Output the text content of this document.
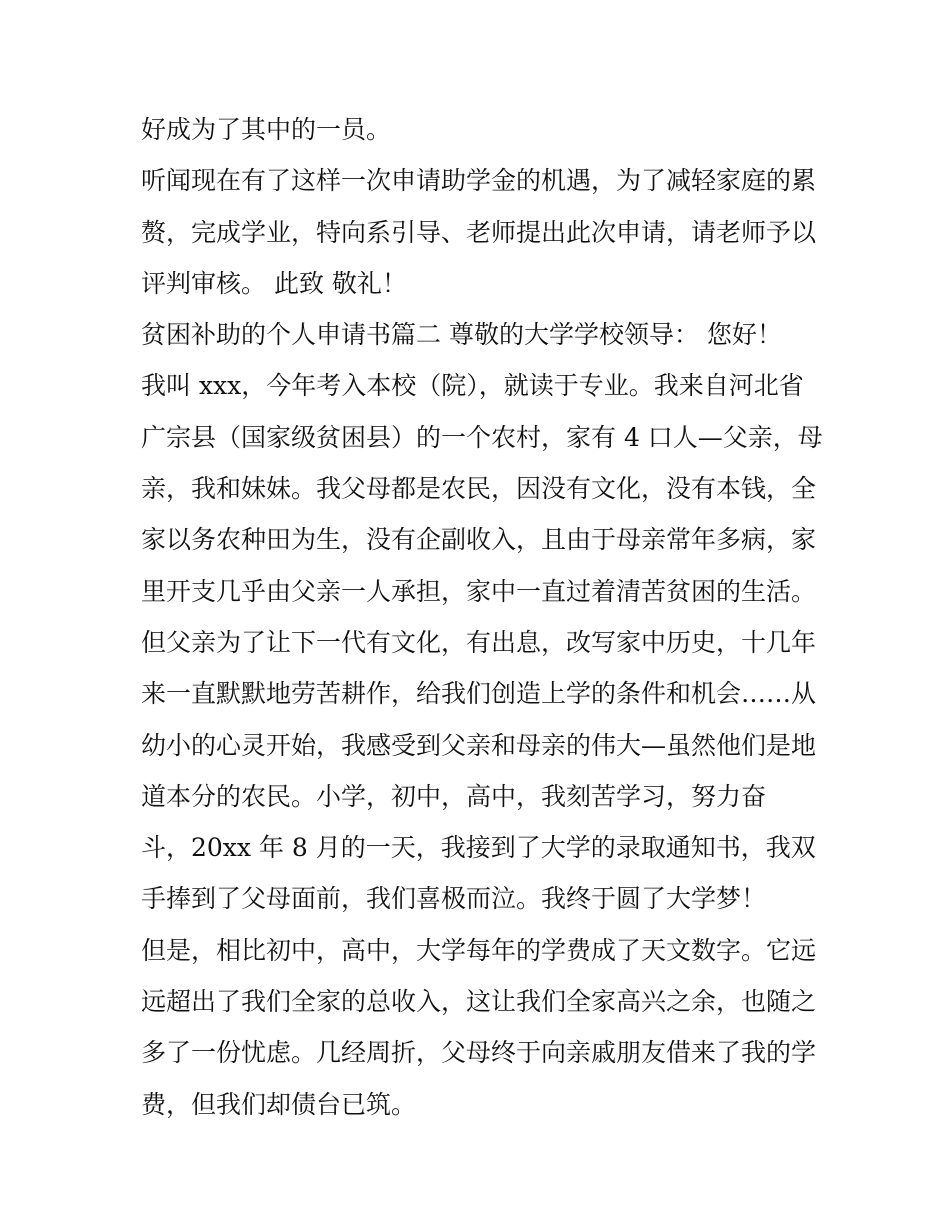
好成为了其中的一员。
听闻现在有了这样一次申请助学金的机遇，为了减轻家庭的累
赘，完成学业，特向系引导、老师提出此次申请，请老师予以
评判审核。 此致 敬礼！
贫困补助的个人申请书篇二 尊敬的大学学校领导： 您好！
我叫 xxx，今年考入本校（院），就读于专业。我来自河北省
广宗县（国家级贫困县）的一个农村，家有 4 口人—父亲，母
亲，我和妹妹。我父母都是农民，因没有文化，没有本钱，全
家以务农种田为生，没有企副收入，且由于母亲常年多病，家
里开支几乎由父亲一人承担，家中一直过着清苦贫困的生活。
但父亲为了让下一代有文化，有出息，改写家中历史，十几年
来一直默默地劳苦耕作，给我们创造上学的条件和机会……从
幼小的心灵开始，我感受到父亲和母亲的伟大—虽然他们是地
道本分的农民。小学，初中，高中，我刻苦学习，努力奋
斗，20xx 年 8 月的一天，我接到了大学的录取通知书，我双
手捧到了父母面前，我们喜极而泣。我终于圆了大学梦！
但是，相比初中，高中，大学每年的学费成了天文数字。它远
远超出了我们全家的总收入，这让我们全家高兴之余，也随之
多了一份忧虑。几经周折，父母终于向亲戚朋友借来了我的学
费，但我们却债台已筑。
